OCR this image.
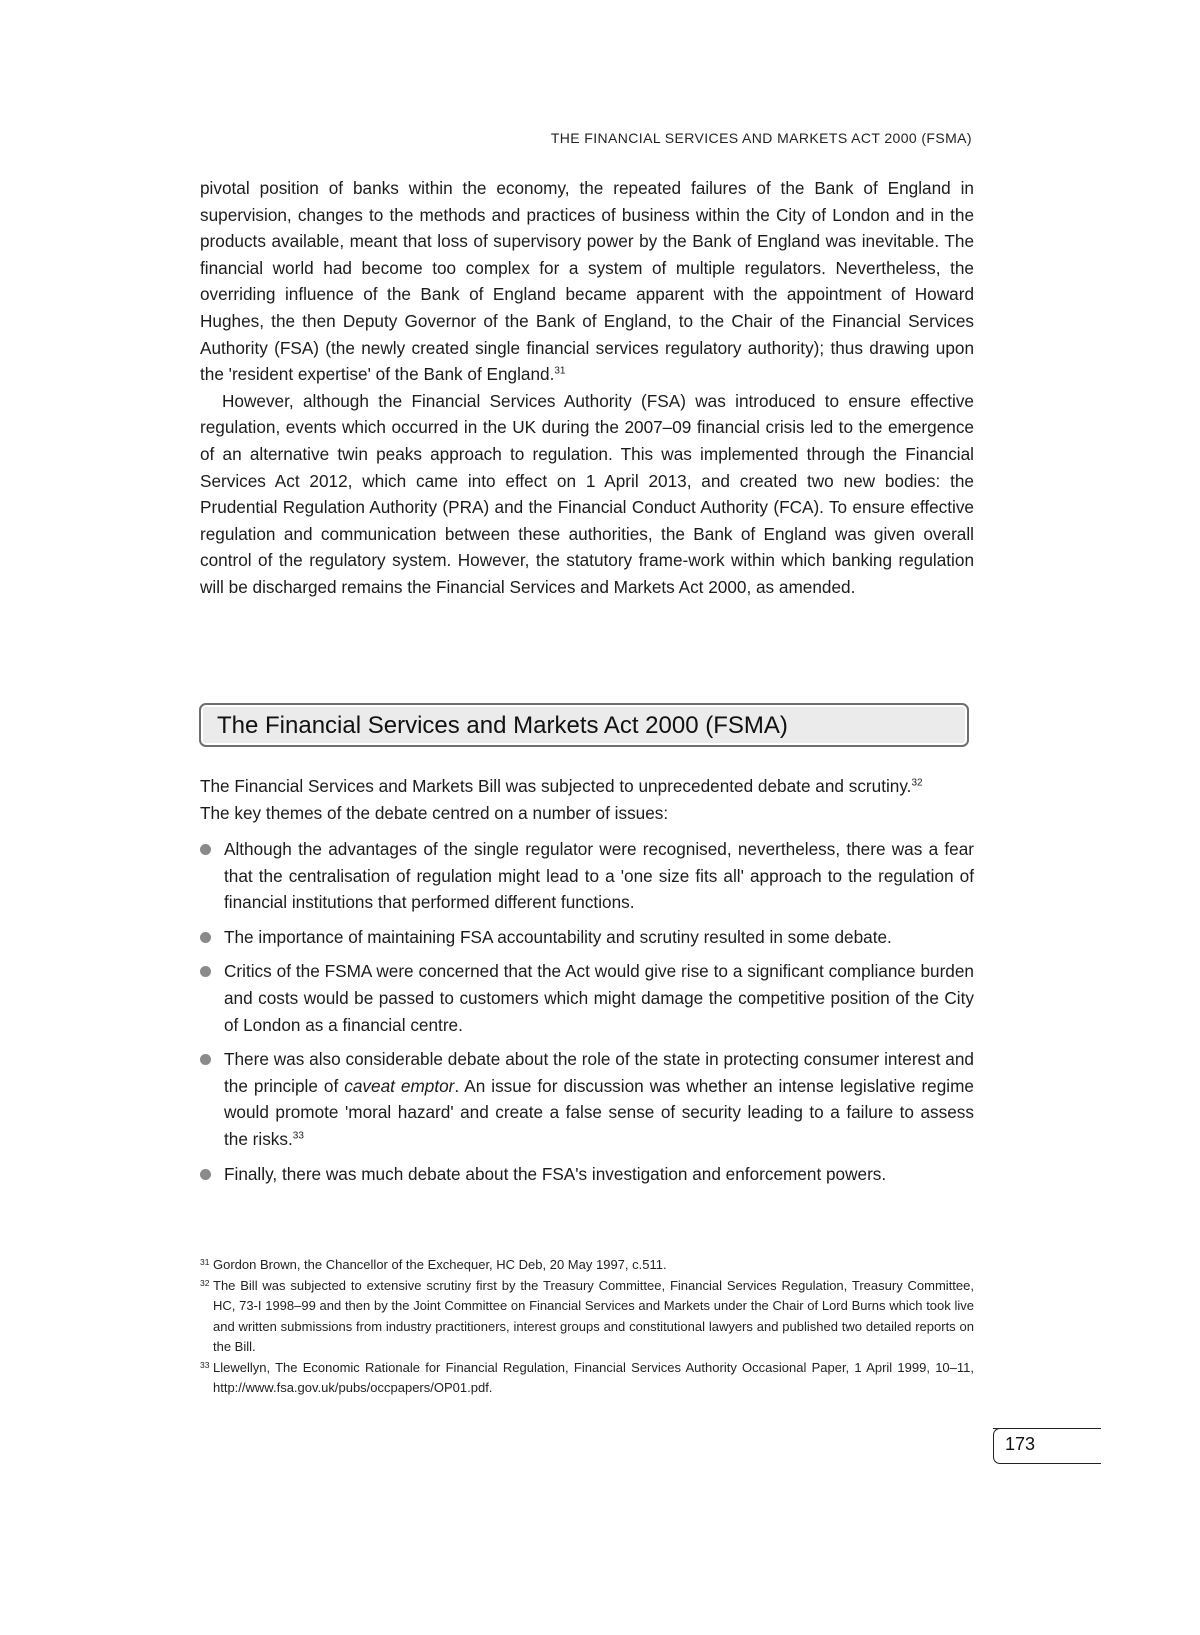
THE FINANCIAL SERVICES AND MARKETS ACT 2000 (FSMA)

pivotal position of banks within the economy, the repeated failures of the Bank of England in supervision, changes to the methods and practices of business within the City of London and in the products available, meant that loss of supervisory power by the Bank of England was inevitable. The financial world had become too complex for a system of multiple regulators. Nevertheless, the overriding influence of the Bank of England became apparent with the appointment of Howard Hughes, the then Deputy Governor of the Bank of England, to the Chair of the Financial Services Authority (FSA) (the newly created single financial services regulatory authority); thus drawing upon the 'resident expertise' of the Bank of England.$^{31}$

However, although the Financial Services Authority (FSA) was introduced to ensure effective regulation, events which occurred in the UK during the 2007–09 financial crisis led to the emergence of an alternative twin peaks approach to regulation. This was implemented through the Financial Services Act 2012, which came into effect on 1 April 2013, and created two new bodies: the Prudential Regulation Authority (PRA) and the Financial Conduct Authority (FCA). To ensure effective regulation and communication between these authorities, the Bank of England was given overall control of the regulatory system. However, the statutory frame-work within which banking regulation will be discharged remains the Financial Services and Markets Act 2000, as amended.

The Financial Services and Markets Act 2000 (FSMA)

The Financial Services and Markets Bill was subjected to unprecedented debate and scrutiny.$^{32}$
The key themes of the debate centred on a number of issues:

Although the advantages of the single regulator were recognised, nevertheless, there was a fear that the centralisation of regulation might lead to a 'one size fits all' approach to the regulation of financial institutions that performed different functions.
The importance of maintaining FSA accountability and scrutiny resulted in some debate.
Critics of the FSMA were concerned that the Act would give rise to a significant compliance burden and costs would be passed to customers which might damage the competitive position of the City of London as a financial centre.
There was also considerable debate about the role of the state in protecting consumer interest and the principle of caveat emptor. An issue for discussion was whether an intense legislative regime would promote 'moral hazard' and create a false sense of security leading to a failure to assess the risks.$^{33}$
Finally, there was much debate about the FSA's investigation and enforcement powers.
31 Gordon Brown, the Chancellor of the Exchequer, HC Deb, 20 May 1997, c.511.
32 The Bill was subjected to extensive scrutiny first by the Treasury Committee, Financial Services Regulation, Treasury Committee, HC, 73-I 1998–99 and then by the Joint Committee on Financial Services and Markets under the Chair of Lord Burns which took live and written submissions from industry practitioners, interest groups and constitutional lawyers and published two detailed reports on the Bill.
33 Llewellyn, The Economic Rationale for Financial Regulation, Financial Services Authority Occasional Paper, 1 April 1999, 10–11, http://www.fsa.gov.uk/pubs/occpapers/OP01.pdf.
173
